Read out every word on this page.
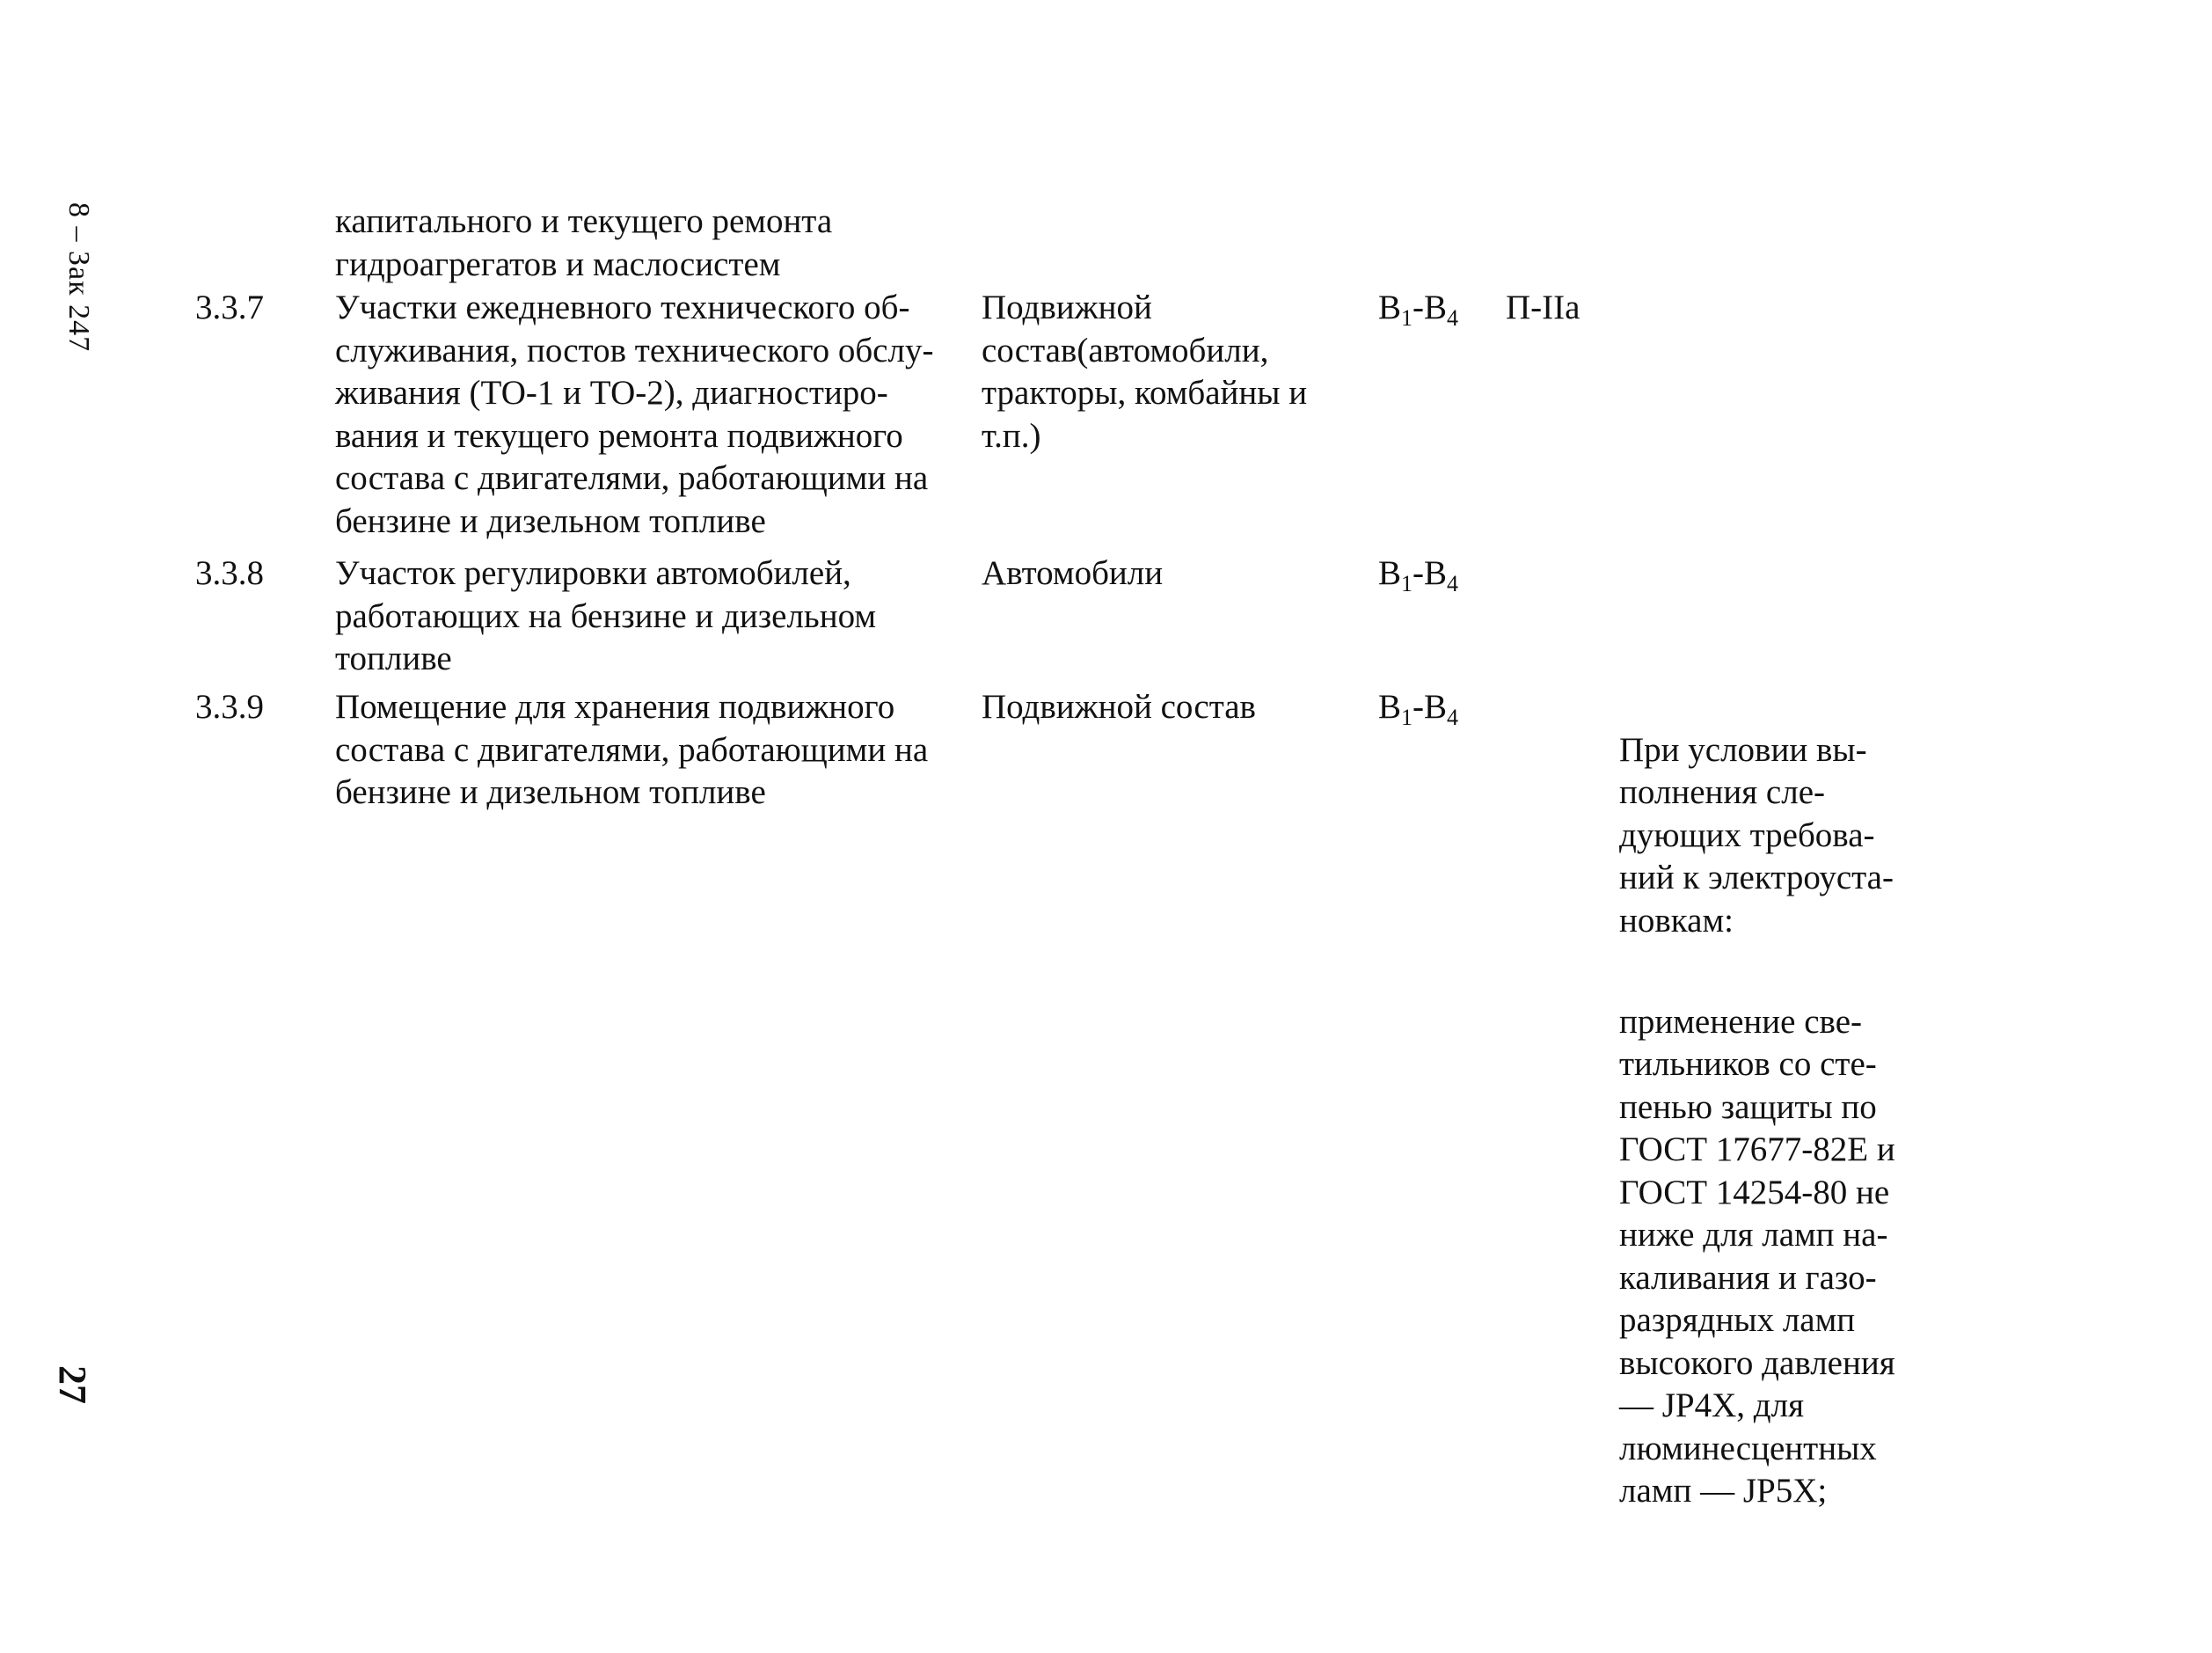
8 – Зак 247
27
капитального и текущего ремонта
гидроагрегатов и маслосистем
3.3.7 Участки ежедневного технического об-
служивания, постов технического обслу-
живания (ТО-1 и ТО-2), диагностиро-
вания и текущего ремонта подвижного
состава с двигателями, работающими на
бензине и дизельном топливе
Подвижной
состав(автомобили,
тракторы, комбайны и
т.п.)
$В_1-В_4$ П-IIa
3.3.8 Участок регулировки автомобилей,
работающих на бензине и дизельном
топливе
Автомобили	$В_1-В_4$
3.3.9 Помещение для хранения подвижного
состава с двигателями, работающими на
бензине и дизельном топливе
Подвижной состав	$В_1-В_4$

При условии вы-
полнения сле-
дующих требова-
ний к электроуста-
новкам:

применение све-
тильников со сте-
пенью защиты по
ГОСТ 17677-82Е и
ГОСТ 14254-80 не
ниже для ламп на-
каливания и газо-
разрядных ламп
высокого давления
— JP4X, для
люминесцентных
ламп — JP5X;
